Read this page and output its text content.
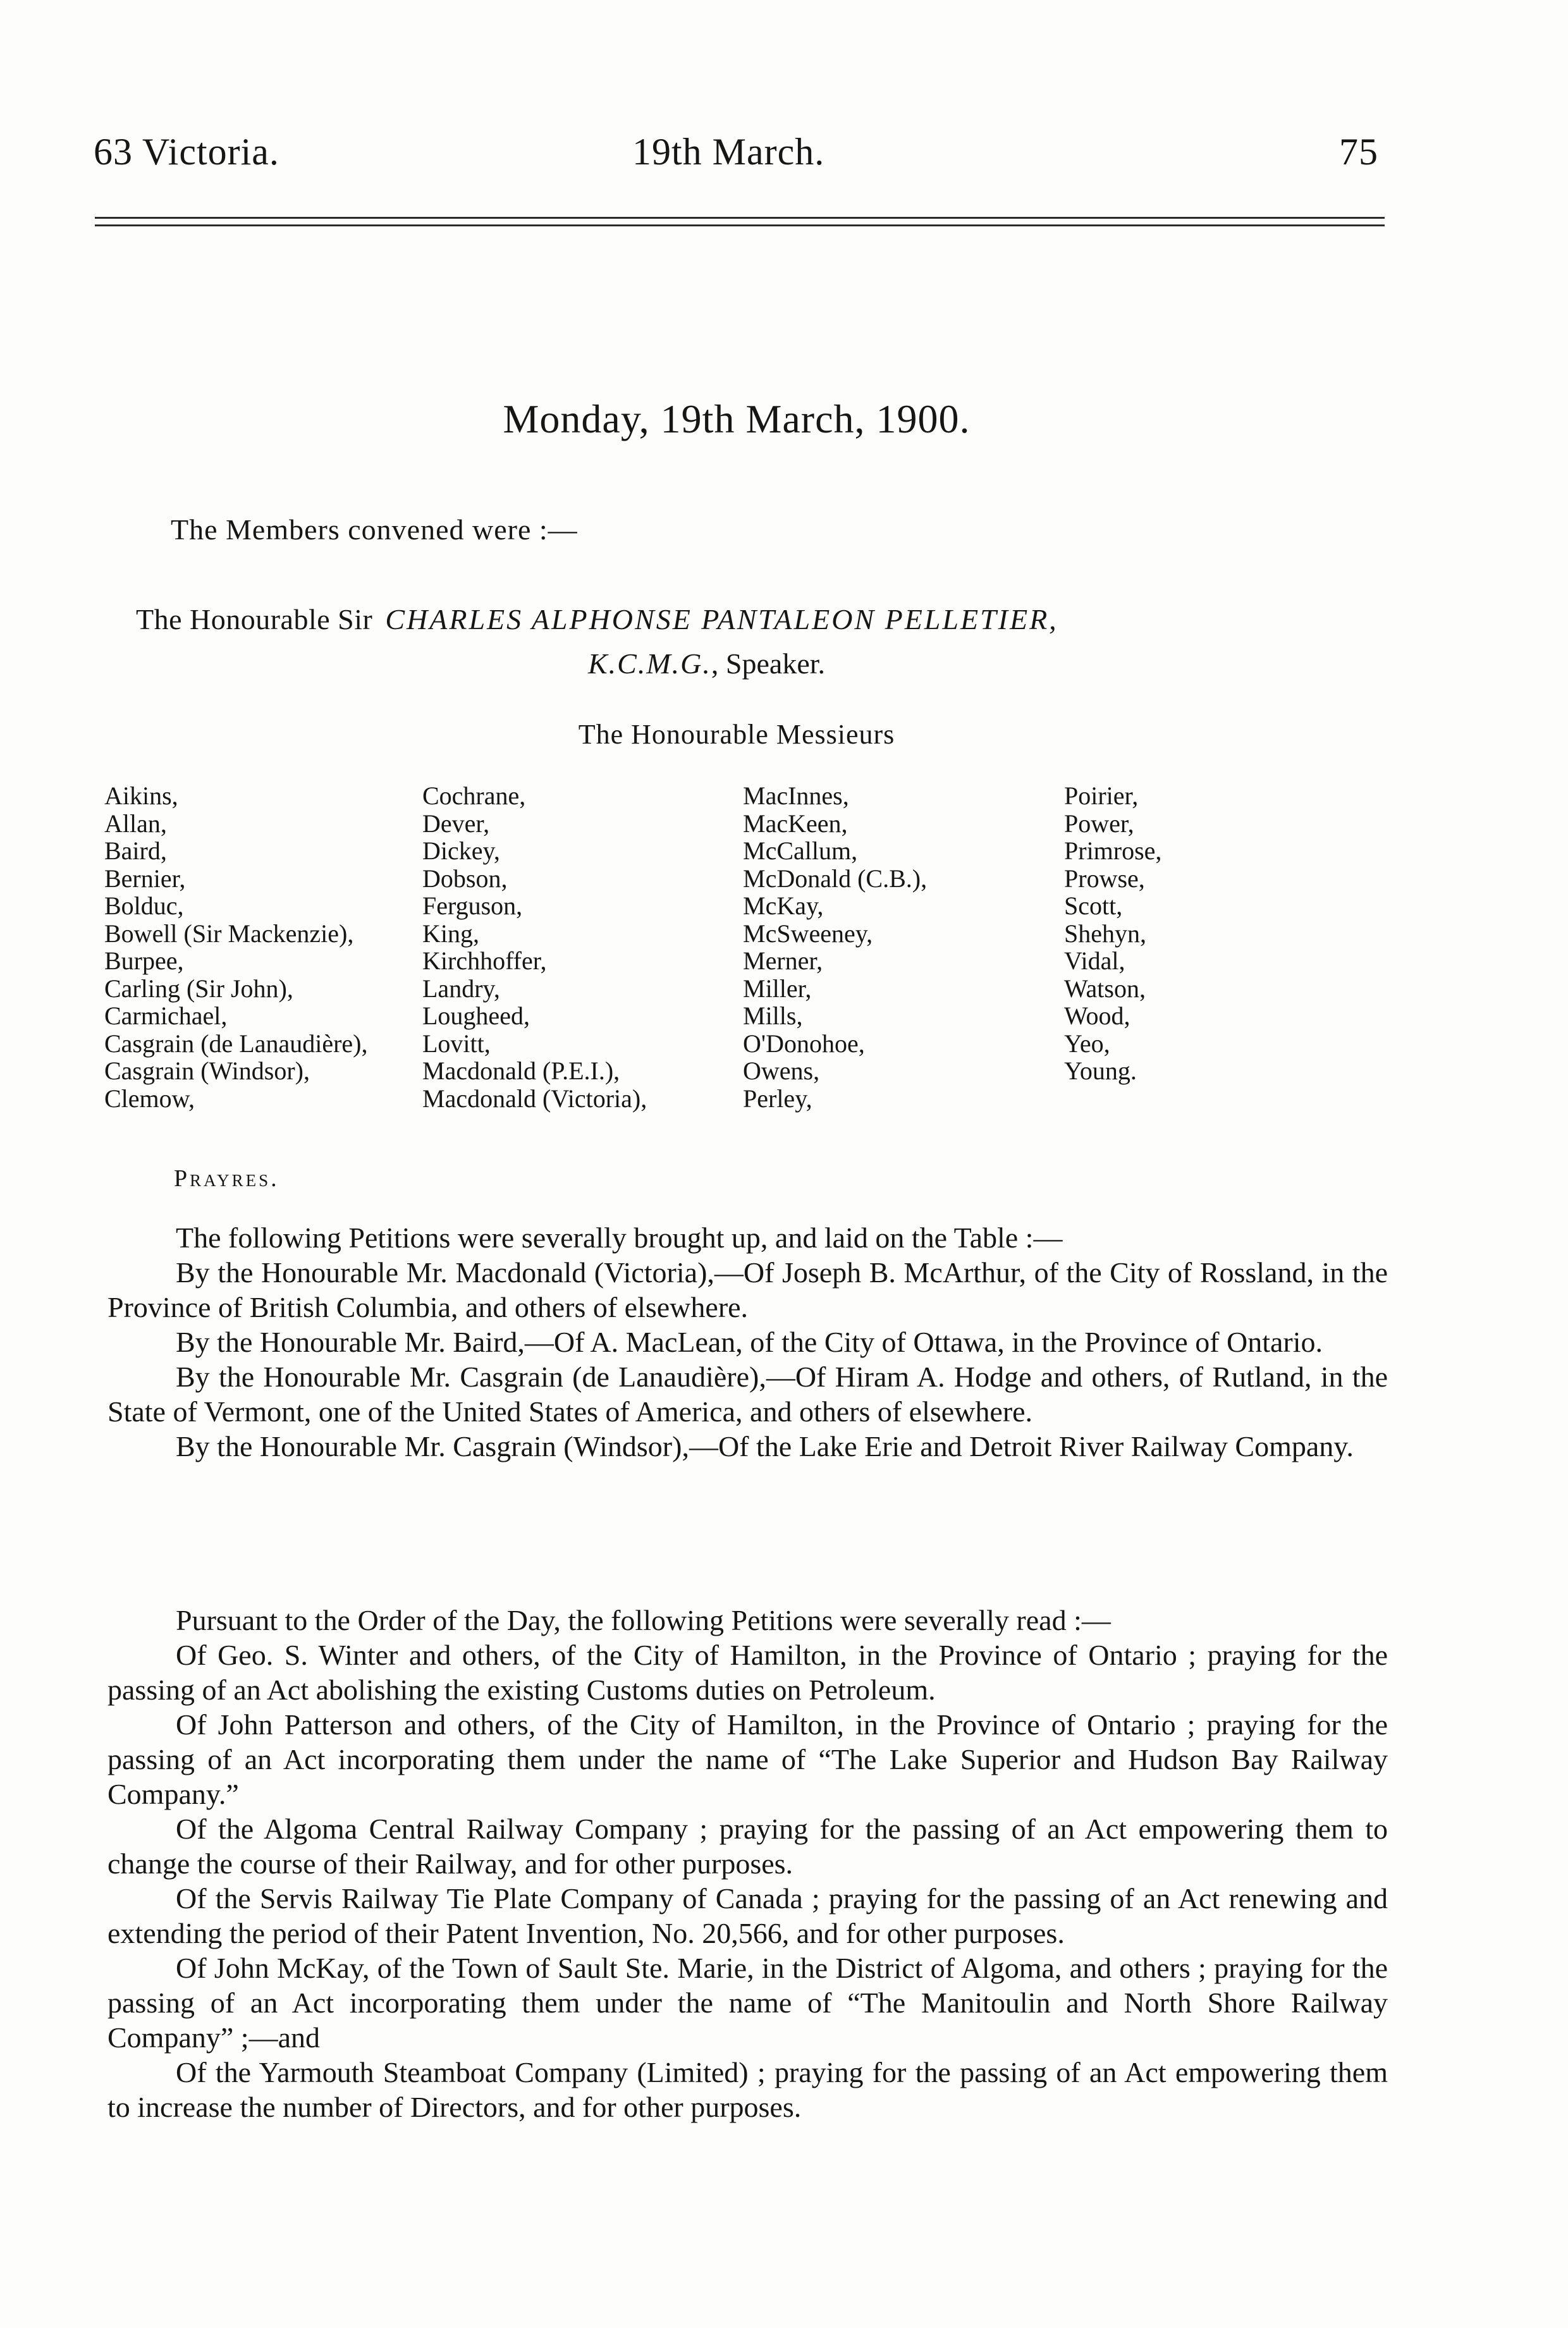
63 Victoria.	19th March.	75
Monday, 19th March, 1900.
The Members convened were :—
The Honourable Sir CHARLES ALPHONSE PANTALEON PELLETIER,
K.C.M.G., Speaker.
The Honourable Messieurs
Aikins,
Allan,
Baird,
Bernier,
Bolduc,
Bowell (Sir Mackenzie),
Burpee,
Carling (Sir John),
Carmichael,
Casgrain (de Lanaudière),
Casgrain (Windsor),
Clemow,
Cochrane,
Dever,
Dickey,
Dobson,
Ferguson,
King,
Kirchhoffer,
Landry,
Lougheed,
Lovitt,
Macdonald (P.E.I.),
Macdonald (Victoria),
MacInnes,
MacKeen,
McCallum,
McDonald (C.B.),
McKay,
McSweeney,
Merner,
Miller,
Mills,
O'Donohoe,
Owens,
Perley,
Poirier,
Power,
Primrose,
Prowse,
Scott,
Shehyn,
Vidal,
Watson,
Wood,
Yeo,
Young.
Prayres.

The following Petitions were severally brought up, and laid on the Table :—

By the Honourable Mr. Macdonald (Victoria),—Of Joseph B. McArthur, of the City of Rossland, in the Province of British Columbia, and others of elsewhere.

By the Honourable Mr. Baird,—Of A. MacLean, of the City of Ottawa, in the Province of Ontario.

By the Honourable Mr. Casgrain (de Lanaudière),—Of Hiram A. Hodge and others, of Rutland, in the State of Vermont, one of the United States of America, and others of elsewhere.

By the Honourable Mr. Casgrain (Windsor),—Of the Lake Erie and Detroit River Railway Company.

Pursuant to the Order of the Day, the following Petitions were severally read :—

Of Geo. S. Winter and others, of the City of Hamilton, in the Province of Ontario ; praying for the passing of an Act abolishing the existing Customs duties on Petroleum.

Of John Patterson and others, of the City of Hamilton, in the Province of Ontario ; praying for the passing of an Act incorporating them under the name of “The Lake Superior and Hudson Bay Railway Company.”

Of the Algoma Central Railway Company ; praying for the passing of an Act empowering them to change the course of their Railway, and for other purposes.

Of the Servis Railway Tie Plate Company of Canada ; praying for the passing of an Act renewing and extending the period of their Patent Invention, No. 20,566, and for other purposes.

Of John McKay, of the Town of Sault Ste. Marie, in the District of Algoma, and others ; praying for the passing of an Act incorporating them under the name of “The Manitoulin and North Shore Railway Company” ;—and

Of the Yarmouth Steamboat Company (Limited) ; praying for the passing of an Act empowering them to increase the number of Directors, and for other purposes.
